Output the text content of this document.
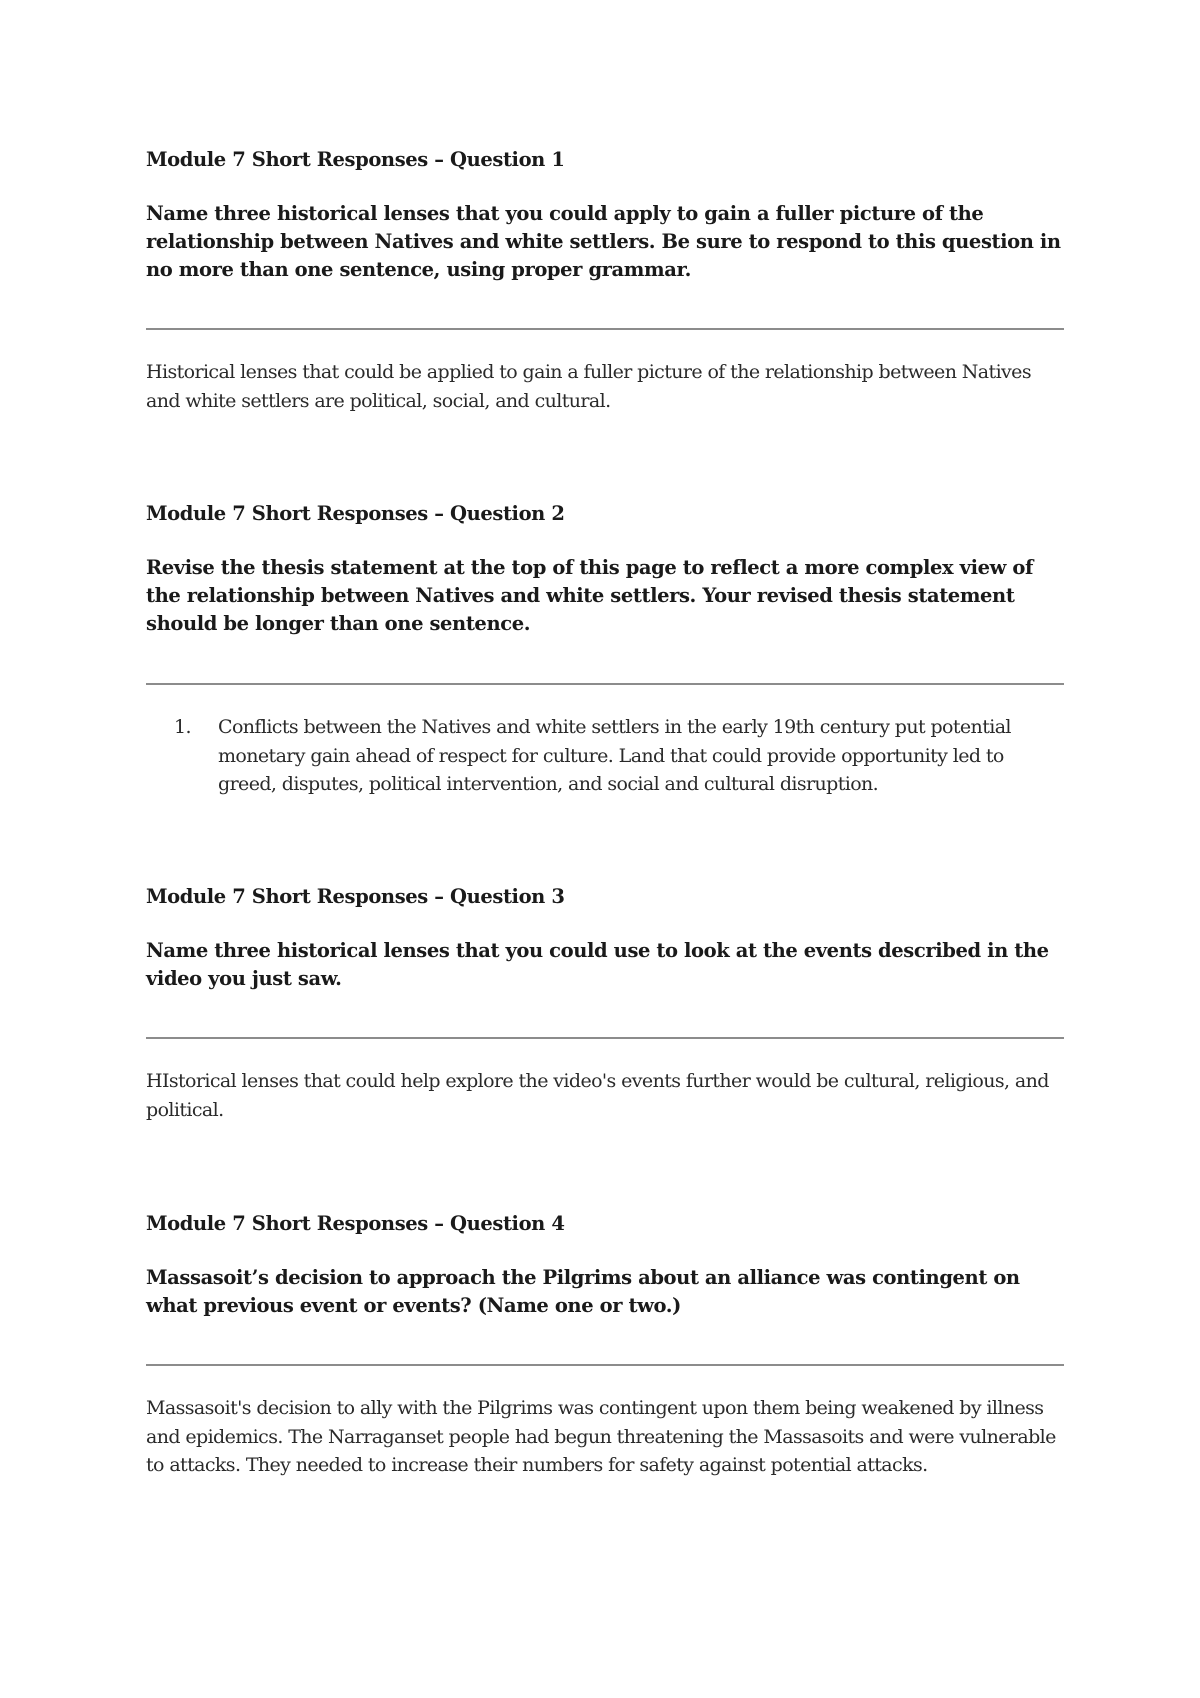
Module 7 Short Responses – Question 1

Name three historical lenses that you could apply to gain a fuller picture of the relationship between Natives and white settlers. Be sure to respond to this question in no more than one sentence, using proper grammar.

Historical lenses that could be applied to gain a fuller picture of the relationship between Natives and white settlers are political, social, and cultural.

Module 7 Short Responses – Question 2

Revise the thesis statement at the top of this page to reflect a more complex view of the relationship between Natives and white settlers. Your revised thesis statement should be longer than one sentence.

1. Conflicts between the Natives and white settlers in the early 19th century put potential monetary gain ahead of respect for culture. Land that could provide opportunity led to greed, disputes, political intervention, and social and cultural disruption.

Module 7 Short Responses – Question 3

Name three historical lenses that you could use to look at the events described in the video you just saw.

HIstorical lenses that could help explore the video's events further would be cultural, religious, and political.

Module 7 Short Responses – Question 4

Massasoit’s decision to approach the Pilgrims about an alliance was contingent on what previous event or events? (Name one or two.)

Massasoit's decision to ally with the Pilgrims was contingent upon them being weakened by illness and epidemics. The Narraganset people had begun threatening the Massasoits and were vulnerable to attacks. They needed to increase their numbers for safety against potential attacks.
